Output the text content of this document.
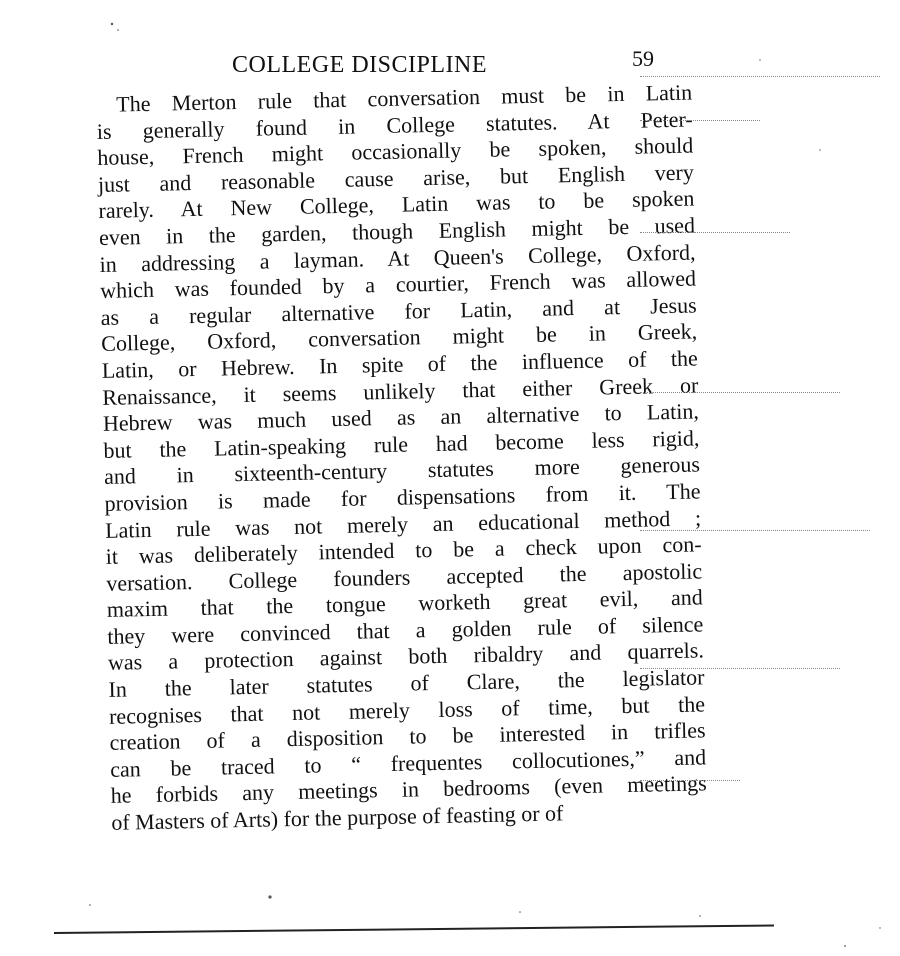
COLLEGE DISCIPLINE	59
The Merton rule that conversation must be in Latin
is generally found in College statutes. At Peter-
house, French might occasionally be spoken, should
just and reasonable cause arise, but English very
rarely. At New College, Latin was to be spoken
even in the garden, though English might be used
in addressing a layman. At Queen's College, Oxford,
which was founded by a courtier, French was allowed
as a regular alternative for Latin, and at Jesus
College, Oxford, conversation might be in Greek,
Latin, or Hebrew. In spite of the influence of the
Renaissance, it seems unlikely that either Greek or
Hebrew was much used as an alternative to Latin,
but the Latin-speaking rule had become less rigid,
and in sixteenth-century statutes more generous
provision is made for dispensations from it. The
Latin rule was not merely an educational method ;
it was deliberately intended to be a check upon con-
versation. College founders accepted the apostolic
maxim that the tongue worketh great evil, and
they were convinced that a golden rule of silence
was a protection against both ribaldry and quarrels.
In the later statutes of Clare, the legislator
recognises that not merely loss of time, but the
creation of a disposition to be interested in trifles
can be traced to “ frequentes collocutiones,” and
he forbids any meetings in bedrooms (even meetings
of Masters of Arts) for the purpose of feasting or of
